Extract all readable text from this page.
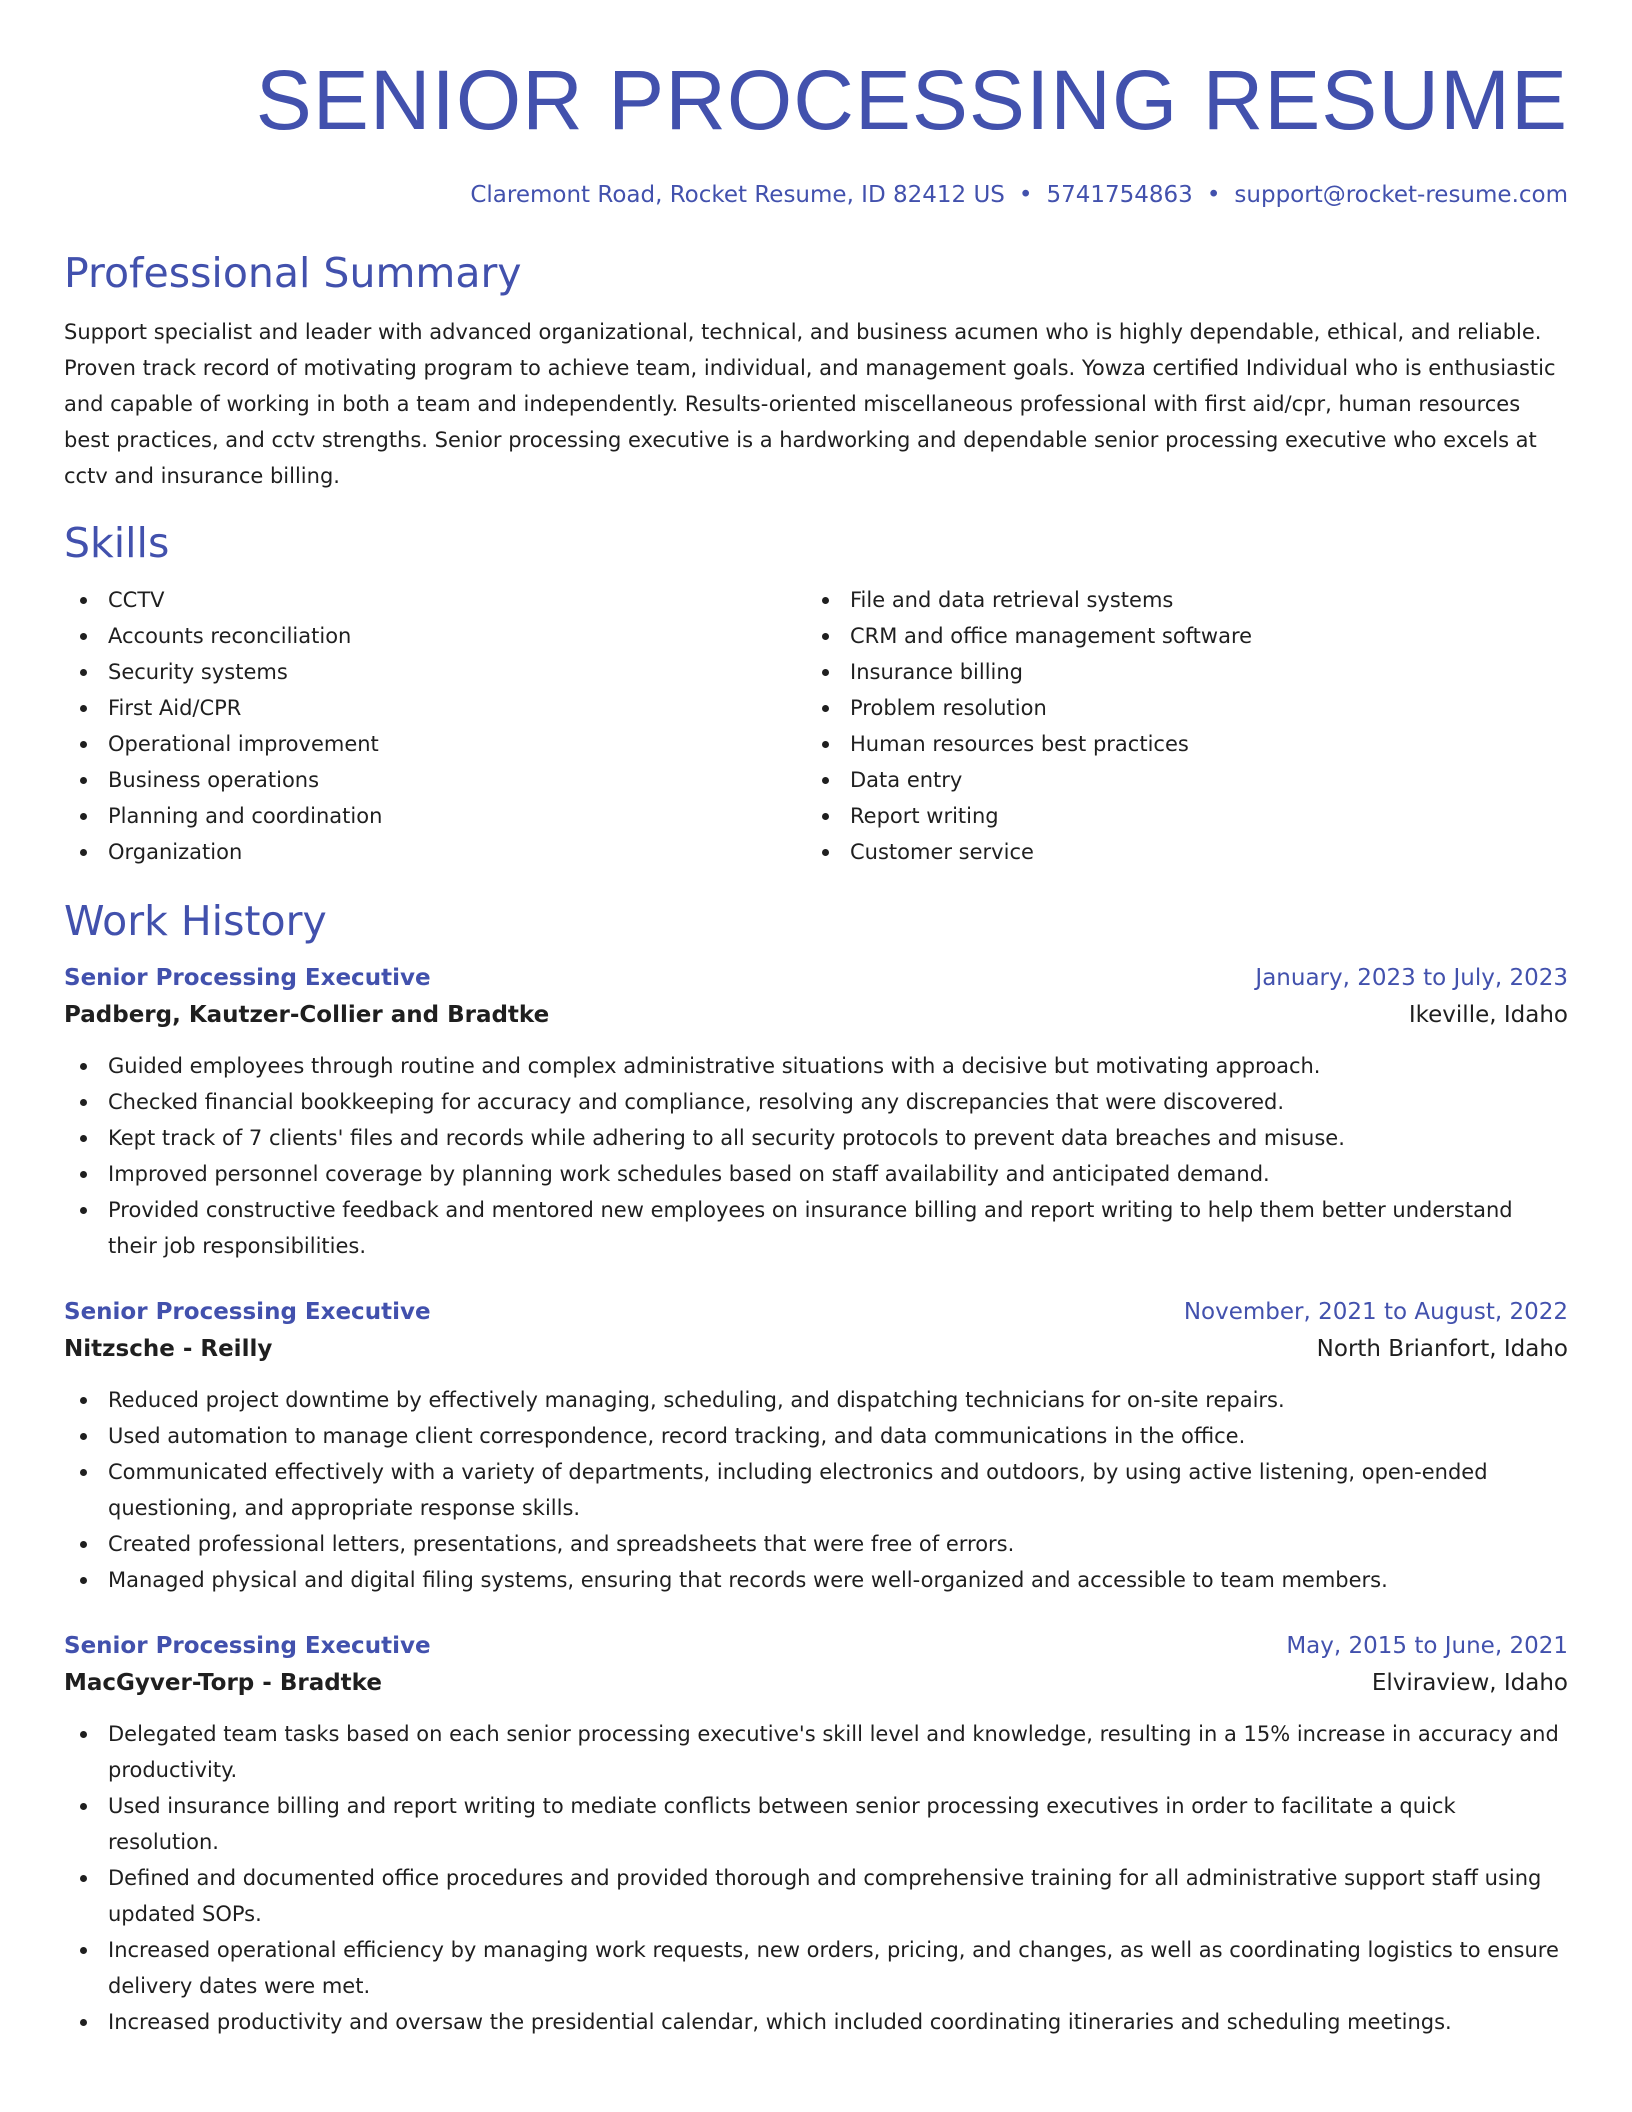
SENIOR PROCESSING RESUME
Claremont Road, Rocket Resume, ID 82412 US • 5741754863 • support@rocket-resume.com
Professional Summary
Support specialist and leader with advanced organizational, technical, and business acumen who is highly dependable, ethical, and reliable. Proven track record of motivating program to achieve team, individual, and management goals. Yowza certified Individual who is enthusiastic and capable of working in both a team and independently. Results-oriented miscellaneous professional with first aid/cpr, human resources best practices, and cctv strengths. Senior processing executive is a hardworking and dependable senior processing executive who excels at cctv and insurance billing.
Skills
CCTV
Accounts reconciliation
Security systems
First Aid/CPR
Operational improvement
Business operations
Planning and coordination
Organization
File and data retrieval systems
CRM and office management software
Insurance billing
Problem resolution
Human resources best practices
Data entry
Report writing
Customer service
Work History
Senior Processing Executive	January, 2023 to July, 2023
Padberg, Kautzer-Collier and Bradtke	Ikeville, Idaho
Guided employees through routine and complex administrative situations with a decisive but motivating approach.
Checked financial bookkeeping for accuracy and compliance, resolving any discrepancies that were discovered.
Kept track of 7 clients' files and records while adhering to all security protocols to prevent data breaches and misuse.
Improved personnel coverage by planning work schedules based on staff availability and anticipated demand.
Provided constructive feedback and mentored new employees on insurance billing and report writing to help them better understand their job responsibilities.
Senior Processing Executive	November, 2021 to August, 2022
Nitzsche - Reilly	North Brianfort, Idaho
Reduced project downtime by effectively managing, scheduling, and dispatching technicians for on-site repairs.
Used automation to manage client correspondence, record tracking, and data communications in the office.
Communicated effectively with a variety of departments, including electronics and outdoors, by using active listening, open-ended questioning, and appropriate response skills.
Created professional letters, presentations, and spreadsheets that were free of errors.
Managed physical and digital filing systems, ensuring that records were well-organized and accessible to team members.
Senior Processing Executive	May, 2015 to June, 2021
MacGyver-Torp - Bradtke	Elviraview, Idaho
Delegated team tasks based on each senior processing executive's skill level and knowledge, resulting in a 15% increase in accuracy and productivity.
Used insurance billing and report writing to mediate conflicts between senior processing executives in order to facilitate a quick resolution.
Defined and documented office procedures and provided thorough and comprehensive training for all administrative support staff using updated SOPs.
Increased operational efficiency by managing work requests, new orders, pricing, and changes, as well as coordinating logistics to ensure delivery dates were met.
Increased productivity and oversaw the presidential calendar, which included coordinating itineraries and scheduling meetings.
